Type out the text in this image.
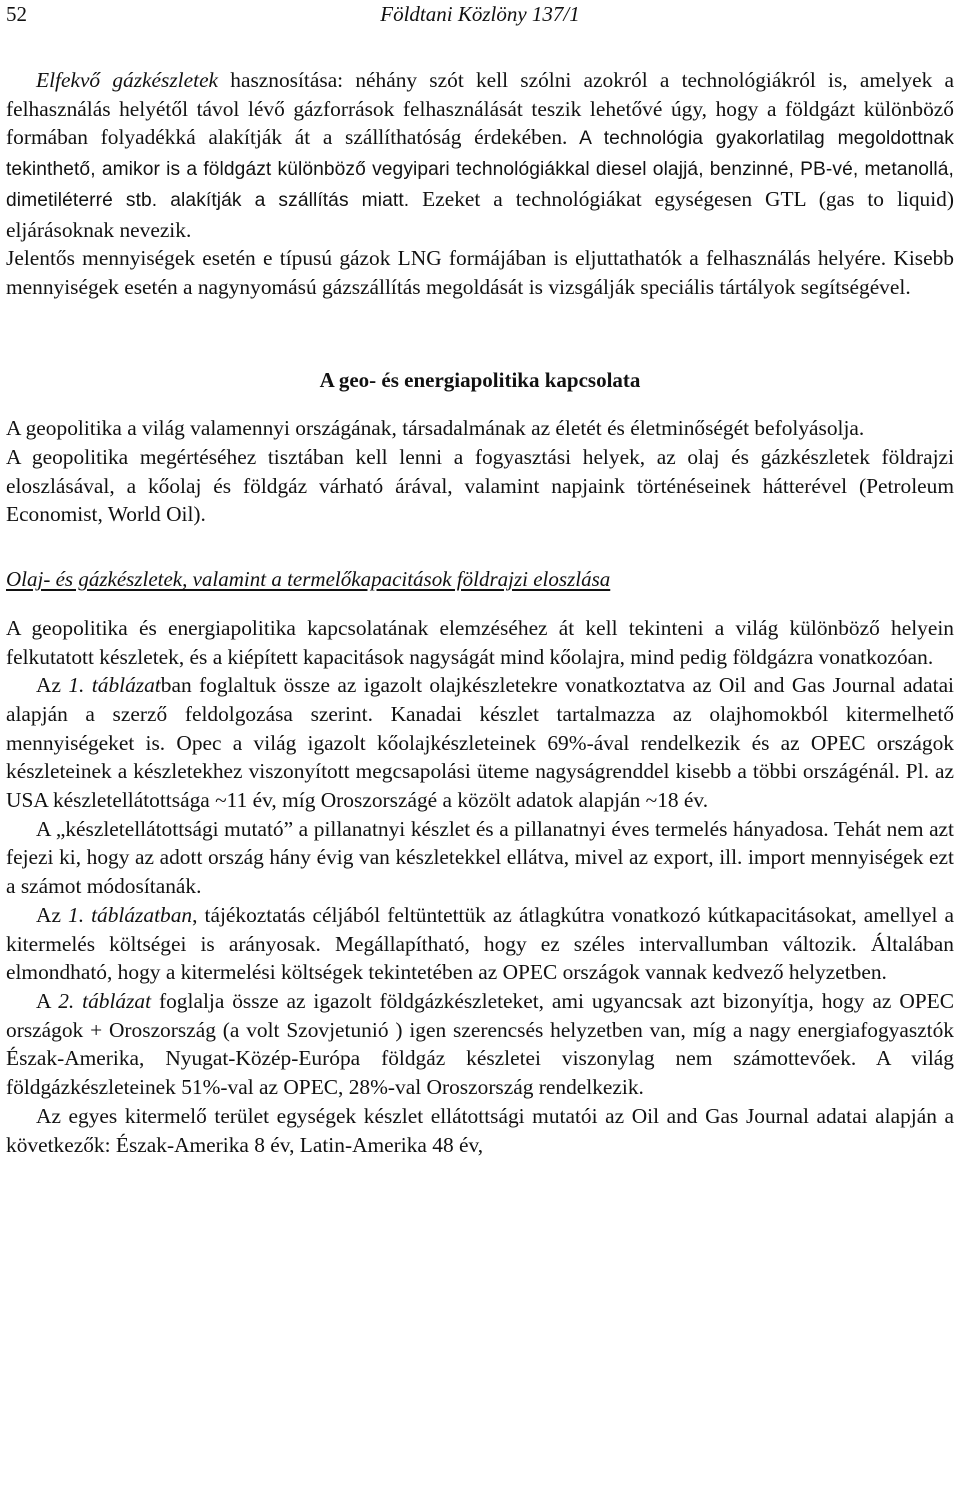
52	Földtani Közlöny 137/1

Elfekvő gázkészletek hasznosítása: néhány szót kell szólni azokról a technológiákról is, amelyek a felhasználás helyétől távol lévő gázforrások felhasználását teszik lehetővé úgy, hogy a földgázt különböző formában folyadékká alakítják át a szállíthatóság érdekében. A technológia gyakorlatilag megoldottnak tekinthető, amikor is a földgázt különböző vegyipari technológiákkal diesel olajjá, benzinné, PB-vé, metanollá, dimetiléterré stb. alakítják a szállítás miatt. Ezeket a technológiákat egységesen GTL (gas to liquid) eljárásoknak nevezik.

Jelentős mennyiségek esetén e típusú gázok LNG formájában is eljuttathatók a felhasználás helyére. Kisebb mennyiségek esetén a nagynyomású gázszállítás megoldását is vizsgálják speciális tártályok segítségével.

A geo- és energiapolitika kapcsolata

A geopolitika a világ valamennyi országának, társadalmának az életét és életminőségét befolyásolja.

A geopolitika megértéséhez tisztában kell lenni a fogyasztási helyek, az olaj és gázkészletek földrajzi eloszlásával, a kőolaj és földgáz várható árával, valamint napjaink történéseinek hátterével (Petroleum Economist, World Oil).

Olaj- és gázkészletek, valamint a termelőkapacitások földrajzi eloszlása

A geopolitika és energiapolitika kapcsolatának elemzéséhez át kell tekinteni a világ különböző helyein felkutatott készletek, és a kiépített kapacitások nagyságát mind kőolajra, mind pedig földgázra vonatkozóan.

Az 1. táblázatban foglaltuk össze az igazolt olajkészletekre vonatkoztatva az Oil and Gas Journal adatai alapján a szerző feldolgozása szerint. Kanadai készlet tartalmazza az olajhomokból kitermelhető mennyiségeket is. Opec a világ igazolt kőolajkészleteinek 69%-ával rendelkezik és az OPEC országok készleteinek a készletekhez viszonyított megcsapolási üteme nagyságrenddel kisebb a többi országénál. Pl. az USA készletellátottsága ~11 év, míg Oroszországé a közölt adatok alapján ~18 év.

A „készletellátottsági mutató” a pillanatnyi készlet és a pillanatnyi éves termelés hányadosa. Tehát nem azt fejezi ki, hogy az adott ország hány évig van készletekkel ellátva, mivel az export, ill. import mennyiségek ezt a számot módosítanák.

Az 1. táblázatban, tájékoztatás céljából feltüntettük az átlagkútra vonatkozó kútkapacitásokat, amellyel a kitermelés költségei is arányosak. Megállapítható, hogy ez széles intervallumban változik. Általában elmondható, hogy a kitermelési költségek tekintetében az OPEC országok vannak kedvező helyzetben.

A 2. táblázat foglalja össze az igazolt földgázkészleteket, ami ugyancsak azt bizonyítja, hogy az OPEC országok + Oroszország (a volt Szovjetunió ) igen szerencsés helyzetben van, míg a nagy energiafogyasztók Észak-Amerika, Nyugat-Közép-Európa földgáz készletei viszonylag nem számottevőek. A világ földgázkészleteinek 51%-val az OPEC, 28%-val Oroszország rendelkezik.

Az egyes kitermelő terület egységek készlet ellátottsági mutatói az Oil and Gas Journal adatai alapján a következők: Észak-Amerika 8 év, Latin-Amerika 48 év,
